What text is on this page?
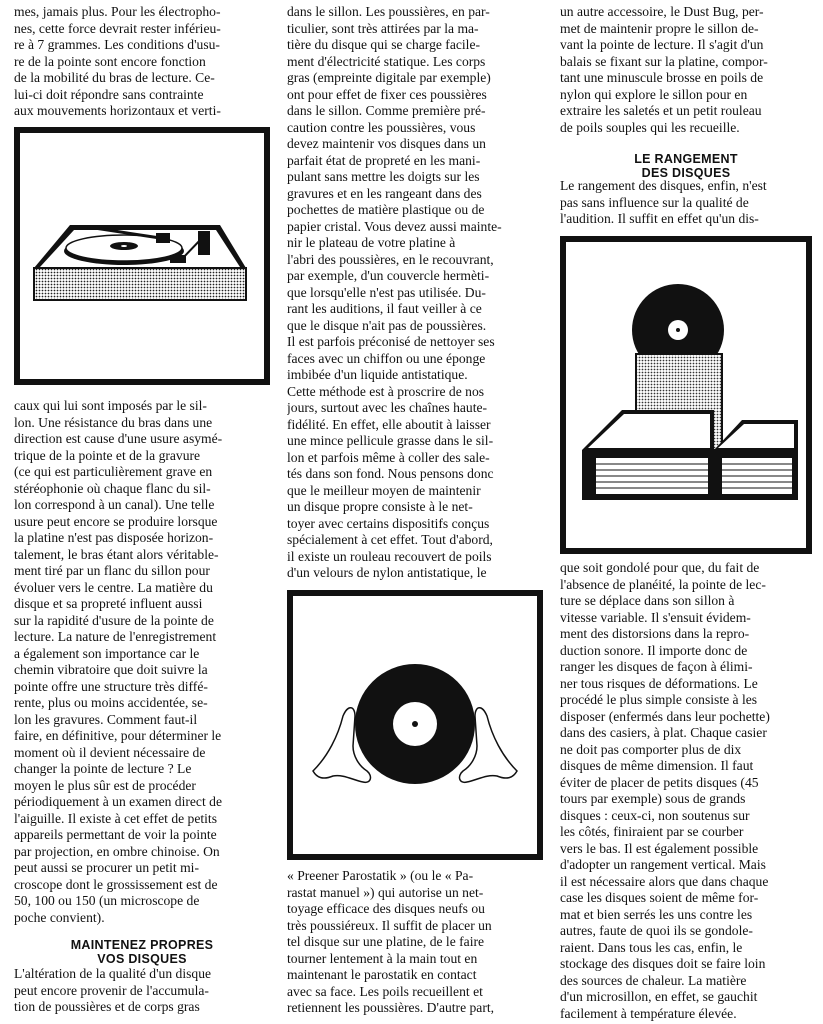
mes, jamais plus. Pour les électropho-
nes, cette force devrait rester inférieu-
re à 7 grammes. Les conditions d'usu-
re de la pointe sont encore fonction
de la mobilité du bras de lecture. Ce-
lui-ci doit répondre sans contrainte
aux mouvements horizontaux et verti-
caux qui lui sont imposés par le sil-
lon. Une résistance du bras dans une
direction est cause d'une usure asymé-
trique de la pointe et de la gravure
(ce qui est particulièrement grave en
stéréophonie où chaque flanc du sil-
lon correspond à un canal). Une telle
usure peut encore se produire lorsque
la platine n'est pas disposée horizon-
talement, le bras étant alors véritable-
ment tiré par un flanc du sillon pour
évoluer vers le centre. La matière du
disque et sa propreté influent aussi
sur la rapidité d'usure de la pointe de
lecture. La nature de l'enregistrement
a également son importance car le
chemin vibratoire que doit suivre la
pointe offre une structure très diffé-
rente, plus ou moins accidentée, se-
lon les gravures. Comment faut-il
faire, en définitive, pour déterminer le
moment où il devient nécessaire de
changer la pointe de lecture ? Le
moyen le plus sûr est de procéder
périodiquement à un examen direct de
l'aiguille. Il existe à cet effet de petits
appareils permettant de voir la pointe
par projection, en ombre chinoise. On
peut aussi se procurer un petit mi-
croscope dont le grossissement est de
50, 100 ou 150 (un microscope de
poche convient).
MAINTENEZ PROPRES
VOS DISQUES
L'altération de la qualité d'un disque
peut encore provenir de l'accumula-
tion de poussières et de corps gras
dans le sillon. Les poussières, en par-
ticulier, sont très attirées par la ma-
tière du disque qui se charge facile-
ment d'électricité statique. Les corps
gras (empreinte digitale par exemple)
ont pour effet de fixer ces poussières
dans le sillon. Comme première pré-
caution contre les poussières, vous
devez maintenir vos disques dans un
parfait état de propreté en les mani-
pulant sans mettre les doigts sur les
gravures et en les rangeant dans des
pochettes de matière plastique ou de
papier cristal. Vous devez aussi mainte-
nir le plateau de votre platine à
l'abri des poussières, en le recouvrant,
par exemple, d'un couvercle hermèti-
que lorsqu'elle n'est pas utilisée. Du-
rant les auditions, il faut veiller à ce
que le disque n'ait pas de poussières.
Il est parfois préconisé de nettoyer ses
faces avec un chiffon ou une éponge
imbibée d'un liquide antistatique.
Cette méthode est à proscrire de nos
jours, surtout avec les chaînes haute-
fidélité. En effet, elle aboutit à laisser
une mince pellicule grasse dans le sil-
lon et parfois même à coller des sale-
tés dans son fond. Nous pensons donc
que le meilleur moyen de maintenir
un disque propre consiste à le net-
toyer avec certains dispositifs conçus
spécialement à cet effet. Tout d'abord,
il existe un rouleau recouvert de poils
d'un velours de nylon antistatique, le
« Preener Parostatik » (ou le « Pa-
rastat manuel ») qui autorise un net-
toyage efficace des disques neufs ou
très poussiéreux. Il suffit de placer un
tel disque sur une platine, de le faire
tourner lentement à la main tout en
maintenant le parostatik en contact
avec sa face. Les poils recueillent et
retiennent les poussières. D'autre part,
un autre accessoire, le Dust Bug, per-
met de maintenir propre le sillon de-
vant la pointe de lecture. Il s'agit d'un
balais se fixant sur la platine, compor-
tant une minuscule brosse en poils de
nylon qui explore le sillon pour en
extraire les saletés et un petit rouleau
de poils souples qui les recueille.
LE RANGEMENT
DES DISQUES
Le rangement des disques, enfin, n'est
pas sans influence sur la qualité de
l'audition. Il suffit en effet qu'un dis-
que soit gondolé pour que, du fait de
l'absence de planéité, la pointe de lec-
ture se déplace dans son sillon à
vitesse variable. Il s'ensuit évidem-
ment des distorsions dans la repro-
duction sonore. Il importe donc de
ranger les disques de façon à élimi-
ner tous risques de déformations. Le
procédé le plus simple consiste à les
disposer (enfermés dans leur pochette)
dans des casiers, à plat. Chaque casier
ne doit pas comporter plus de dix
disques de même dimension. Il faut
éviter de placer de petits disques (45
tours par exemple) sous de grands
disques : ceux-ci, non soutenus sur
les côtés, finiraient par se courber
vers le bas. Il est également possible
d'adopter un rangement vertical. Mais
il est nécessaire alors que dans chaque
case les disques soient de même for-
mat et bien serrés les uns contre les
autres, faute de quoi ils se gondole-
raient. Dans tous les cas, enfin, le
stockage des disques doit se faire loin
des sources de chaleur. La matière
d'un microsillon, en effet, se gauchit
facilement à température élevée.
